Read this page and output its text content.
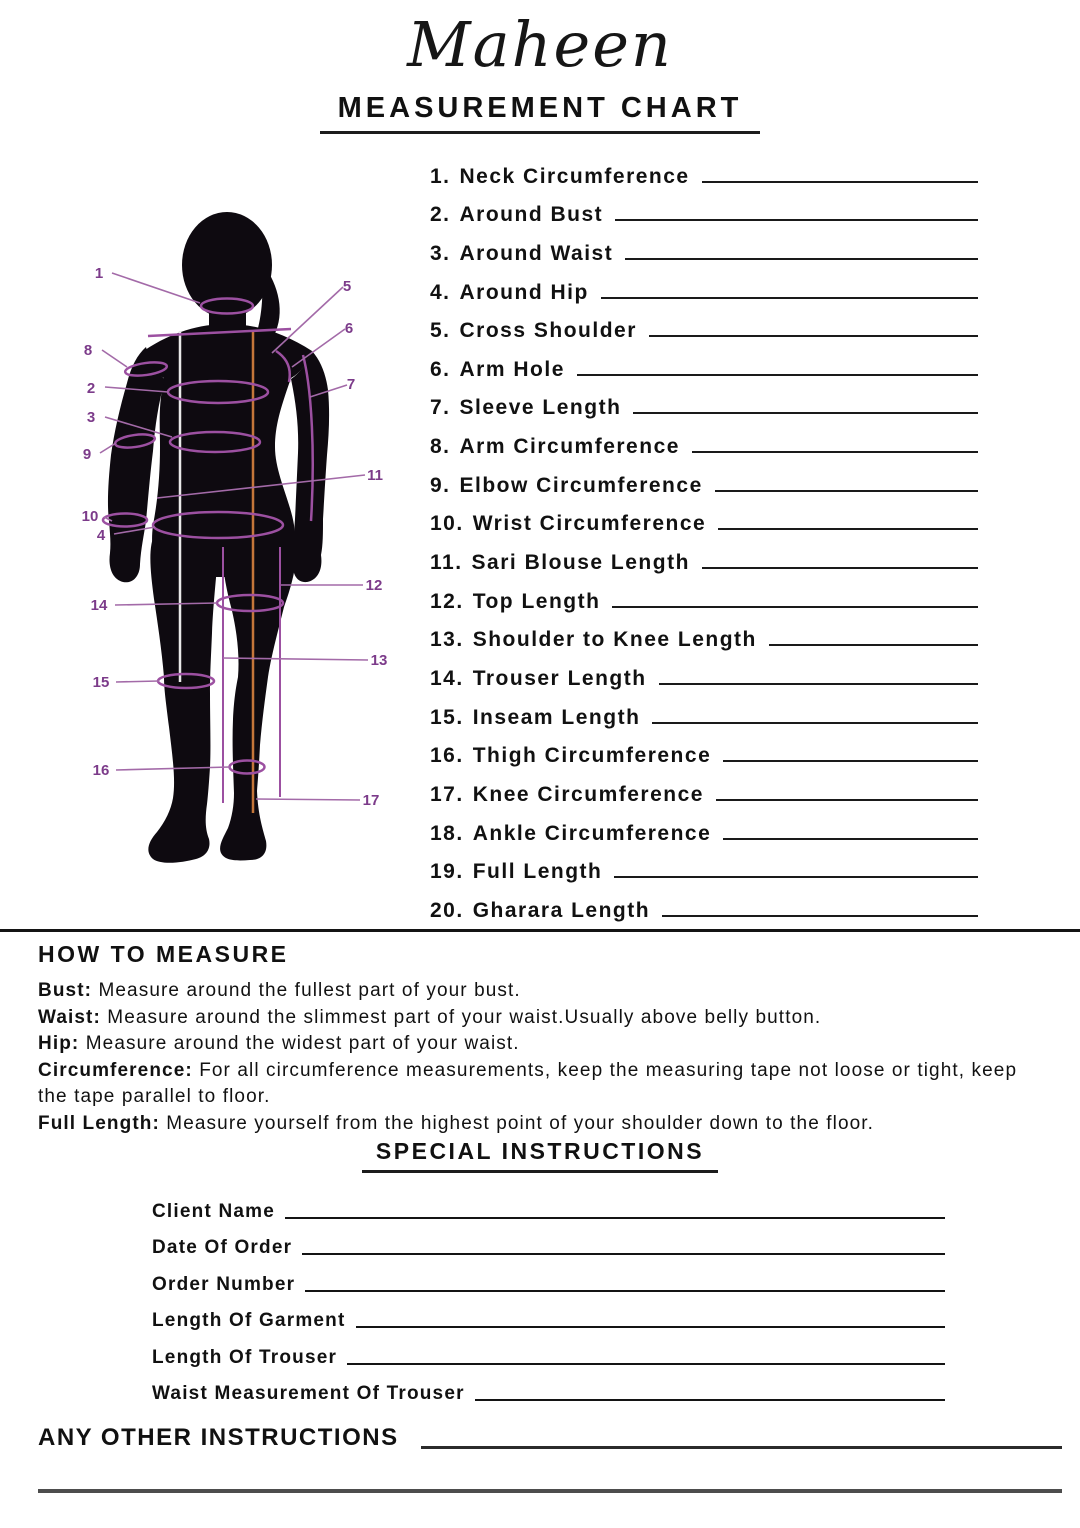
Maheen
MEASUREMENT CHART
1
2
3
4
5
6
7
8
9
10
11
12
13
14
15
16
17
1. Neck Circumference
2. Around Bust
3. Around Waist
4. Around Hip
5. Cross Shoulder
6. Arm Hole
7. Sleeve Length
8. Arm Circumference
9. Elbow Circumference
10. Wrist Circumference
11. Sari Blouse Length
12. Top Length
13. Shoulder to Knee Length
14. Trouser Length
15. Inseam Length
16. Thigh Circumference
17. Knee Circumference
18. Ankle Circumference
19. Full Length
20. Gharara Length
HOW TO MEASURE

Bust: Measure around the fullest part of your bust.

Waist: Measure around the slimmest part of your waist.Usually above belly button.

Hip: Measure around the widest part of your waist.

Circumference: For all circumference measurements, keep the measuring tape not loose or tight, keep the tape parallel to floor.

Full Length: Measure yourself from the highest point of your shoulder down to the floor.

SPECIAL INSTRUCTIONS
Client Name
Date Of Order
Order Number
Length Of Garment
Length Of Trouser
Waist Measurement Of Trouser
ANY OTHER INSTRUCTIONS
